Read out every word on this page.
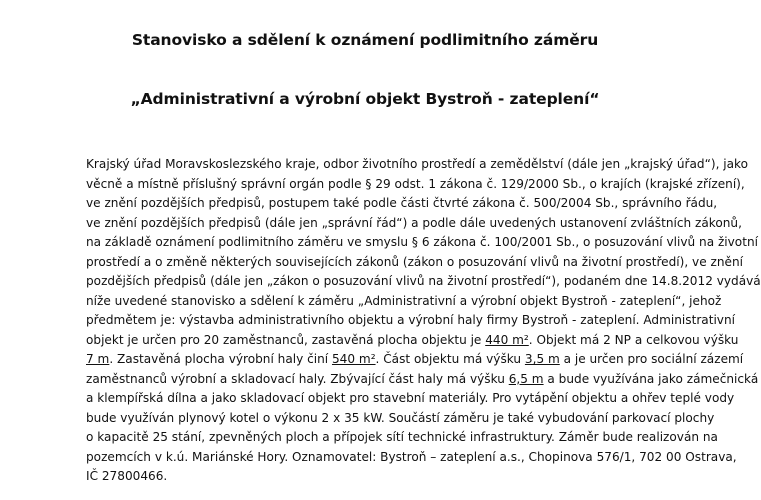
Stanovisko a sdělení k oznámení podlimitního záměru
„Administrativní a výrobní objekt Bystroň - zateplení“
Krajský úřad Moravskoslezského kraje, odbor životního prostředí a zemědělství (dále jen „krajský úřad“), jako
věcně a místně příslušný správní orgán podle § 29 odst. 1 zákona č. 129/2000 Sb., o krajích (krajské zřízení),
ve znění pozdějších předpisů, postupem také podle části čtvrté zákona č. 500/2004 Sb., správního řádu,
ve znění pozdějších předpisů (dále jen „správní řád“) a podle dále uvedených ustanovení zvláštních zákonů,
na základě oznámení podlimitního záměru ve smyslu § 6 zákona č. 100/2001 Sb., o posuzování vlivů na životní
prostředí a o změně některých souvisejících zákonů (zákon o posuzování vlivů na životní prostředí), ve znění
pozdějších předpisů (dále jen „zákon o posuzování vlivů na životní prostředí“), podaném dne 14.8.2012 vydává
níže uvedené stanovisko a sdělení k záměru „Administrativní a výrobní objekt Bystroň - zateplení“, jehož
předmětem je: výstavba administrativního objektu a výrobní haly firmy Bystroň - zateplení. Administrativní
objekt je určen pro 20 zaměstnanců, zastavěná plocha objektu je 440 m². Objekt má 2 NP a celkovou výšku
7 m. Zastavěná plocha výrobní haly činí 540 m². Část objektu má výšku 3,5 m a je určen pro sociální zázemí
zaměstnanců výrobní a skladovací haly. Zbývající část haly má výšku 6,5 m a bude využívána jako zámečnická
a klempířská dílna a jako skladovací objekt pro stavební materiály. Pro vytápění objektu a ohřev teplé vody
bude využíván plynový kotel o výkonu 2 x 35 kW. Součástí záměru je také vybudování parkovací plochy
o kapacitě 25 stání, zpevněných ploch a přípojek sítí technické infrastruktury. Záměr bude realizován na
pozemcích v k.ú. Mariánské Hory. Oznamovatel: Bystroň – zateplení a.s., Chopinova 576/1, 702 00 Ostrava,
IČ 27800466.
